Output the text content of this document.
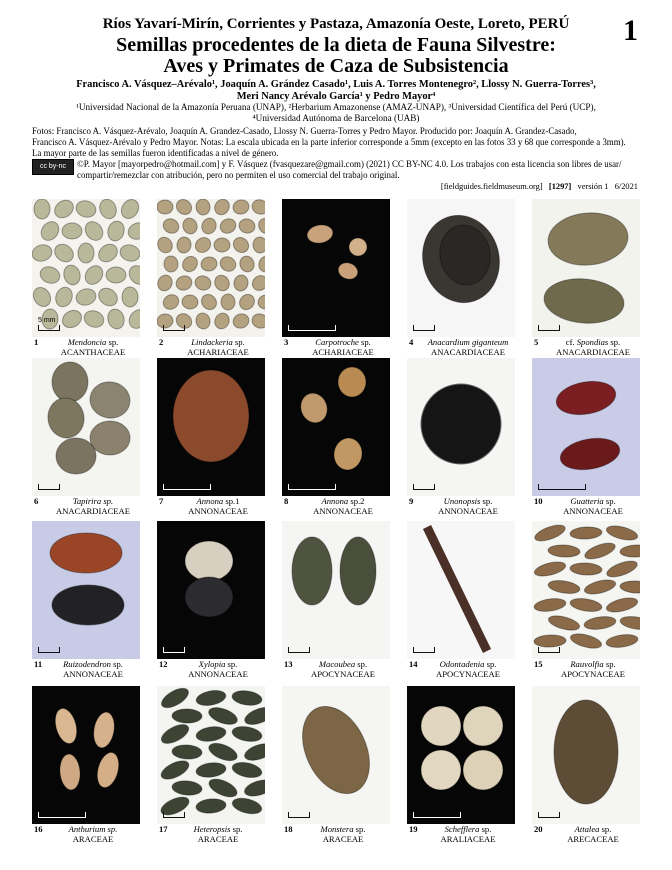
1
Ríos Yavarí-Mirín, Corrientes y Pastaza, Amazonía Oeste, Loreto, PERÚ
Semillas procedentes de la dieta de Fauna Silvestre:
Aves y Primates de Caza de Subsistencia
Francisco A. Vásquez–Arévalo¹, Joaquín A. Grández Casado¹, Luis A. Torres Montenegro², Llossy N. Guerra-Torres³,
Meri Nancy Arévalo García¹ y Pedro Mayor⁴
¹Universidad Nacional de la Amazonía Peruana (UNAP), ²Herbarium Amazonense (AMAZ-UNAP), ³Universidad Científica del Perú (UCP),
⁴Universidad Autónoma de Barcelona (UAB)
Fotos: Francisco A. Vásquez-Arévalo, Joaquín A. Grandez-Casado, Llossy N. Guerra-Torres y Pedro Mayor. Producido por: Joaquín A. Grandez-Casado,
Francisco A. Vásquez-Arévalo y Pedro Mayor. Notas: La escala ubicada en la parte inferior corresponde a 5mm (excepto en las fotos 33 y 68 que corresponde a 3mm).
La mayor parte de las semillas fueron identificadas a nivel de género.
cc by-nc ©P. Mayor [mayorpedro@hotmail.com] y F. Vásquez (fvasquezare@gmail.com) (2021) CC BY-NC 4.0. Los trabajos con esta licencia son libres de usar/ compartir/remezclar con atribución, pero no permiten el uso comercial del trabajo original.
[fieldguides.fieldmuseum.org] [1297] versión 1 6/2021
5 mm
1	Mendoncia sp.
ACANTHACEAE
2	Lindackeria sp.
ACHARIACEAE
3	Carpotroche sp.
ACHARIACEAE
4	Anacardium giganteum
ANACARDIACEAE
5	cf. Spondias sp.
ANACARDIACEAE
6	Tapirira sp.
ANACARDIACEAE
7	Annona sp.1
ANNONACEAE
8	Annona sp.2
ANNONACEAE
9	Unonopsis sp.
ANNONACEAE
10	Guatteria sp.
ANNONACEAE
11	Ruizodendron sp.
ANNONACEAE
12	Xylopia sp.
ANNONACEAE
13	Macoubea sp.
APOCYNACEAE
14	Odontadenia sp.
APOCYNACEAE
15	Rauvolfia sp.
APOCYNACEAE
16	Anthurium sp.
ARACEAE
17	Heteropsis sp.
ARACEAE
18	Monstera sp.
ARACEAE
19	Schefflera sp.
ARALIACEAE
20	Attalea sp.
ARECACEAE
